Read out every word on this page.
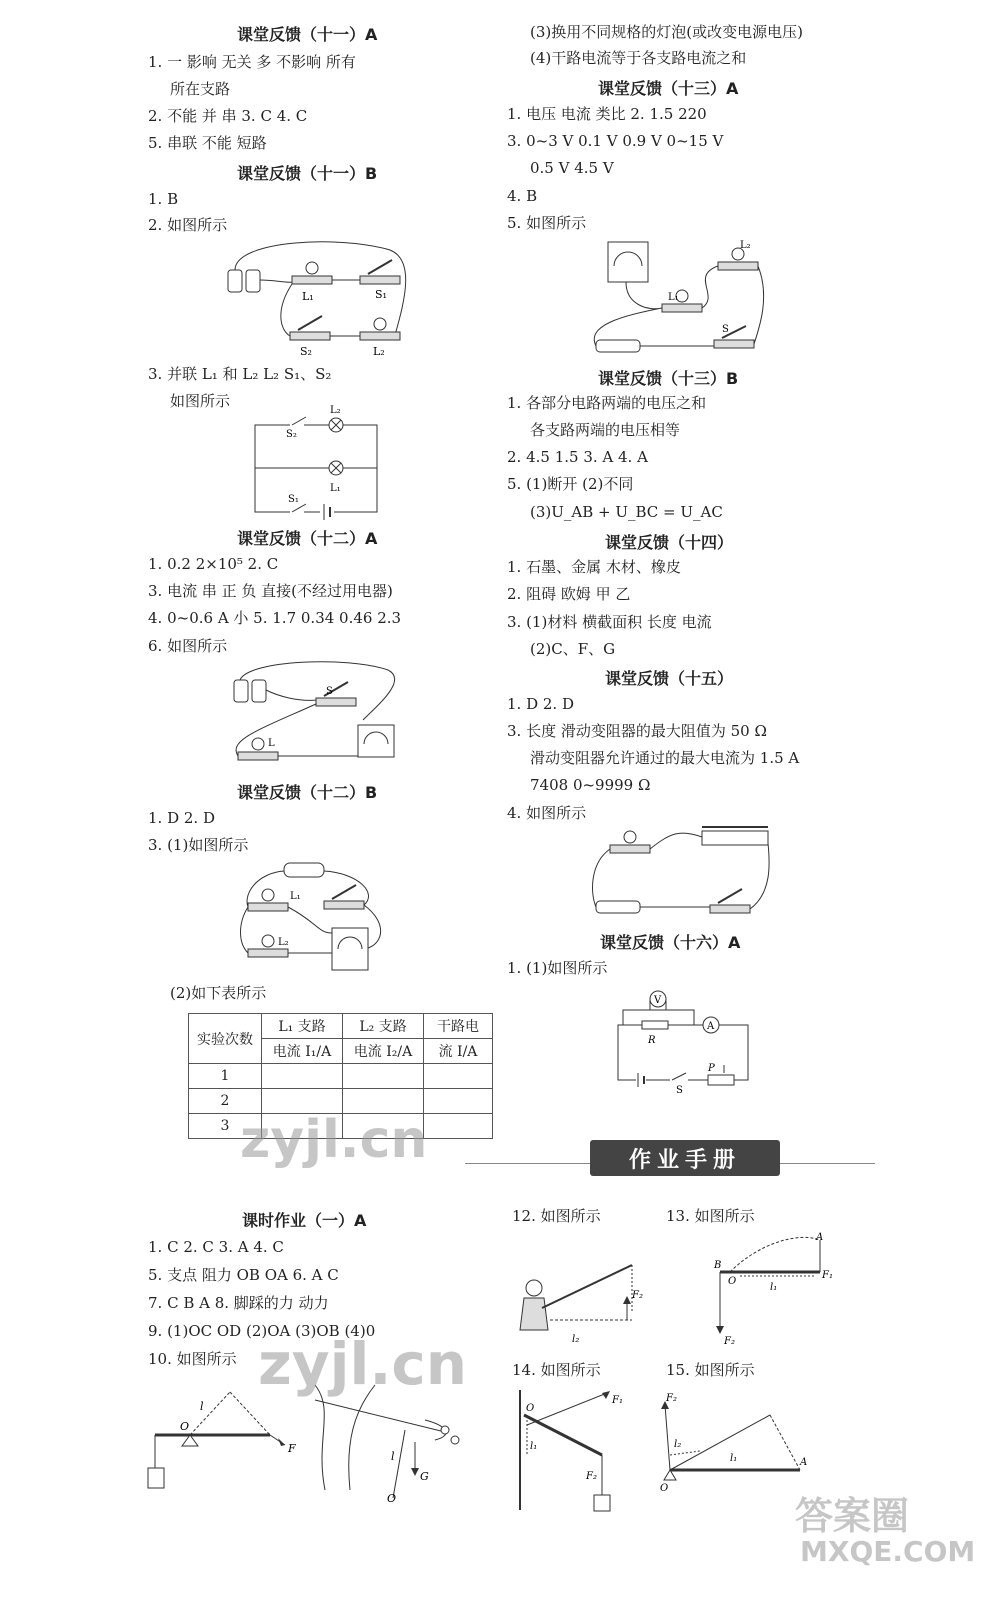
课堂反馈（十一）A
1. 一 影响 无关 多 不影响 所有
所在支路
2. 不能 并 串 3. C 4. C
5. 串联 不能 短路
课堂反馈（十一）B
1. B
2. 如图所示
L₁	S₁
S₂	L₂
3. 并联 L₁ 和 L₂ L₂ S₁、S₂
如图所示
S₂
L₂
L₁
S₁
课堂反馈（十二）A
1. 0.2 2×10⁵ 2. C
3. 电流 串 正 负 直接(不经过用电器)
4. 0~0.6 A 小 5. 1.7 0.34 0.46 2.3
6. 如图所示
S
L
课堂反馈（十二）B
1. D 2. D
3. (1)如图所示
L₁
L₂
(2)如下表所示
实验次数	L₁ 支路	L₂ 支路	干路电
	电流 I₁/A	电流 I₂/A	流 I/A
1			
2			
3			
(3)换用不同规格的灯泡(或改变电源电压)
(4)干路电流等于各支路电流之和
课堂反馈（十三）A
1. 电压 电流 类比 2. 1.5 220
3. 0~3 V 0.1 V 0.9 V 0~15 V
0.5 V 4.5 V
4. B
5. 如图所示
L₂
L₁
S
课堂反馈（十三）B
1. 各部分电路两端的电压之和
各支路两端的电压相等
2. 4.5 1.5 3. A 4. A
5. (1)断开 (2)不同
(3)U_AB + U_BC = U_AC
课堂反馈（十四）
1. 石墨、金属 木材、橡皮
2. 阻碍 欧姆 甲 乙
3. (1)材料 横截面积 长度 电流
(2)C、F、G
课堂反馈（十五）
1. D 2. D
3. 长度 滑动变阻器的最大阻值为 50 Ω
滑动变阻器允许通过的最大电流为 1.5 A
7408 0~9999 Ω
4. 如图所示
课堂反馈（十六）A
1. (1)如图所示
V
A
R
S
P
作业手册
课时作业（一）A
1. C 2. C 3. A 4. C
5. 支点 阻力 OB OA 6. A C
7. C B A 8. 脚踩的力 动力
9. (1)OC OD (2)OA (3)OB (4)0
10. 如图所示
12. 如图所示	13. 如图所示
14. 如图所示	15. 如图所示
O
l
F
l
G
O
F₂
l₂
B
O
A
F₁
l₁
F₂
O
F₁
l₁
F₂
F₂
l₂
l₁
O
A
zyjl.cn
zyjl.cn
答案圈
MXQE.COM
